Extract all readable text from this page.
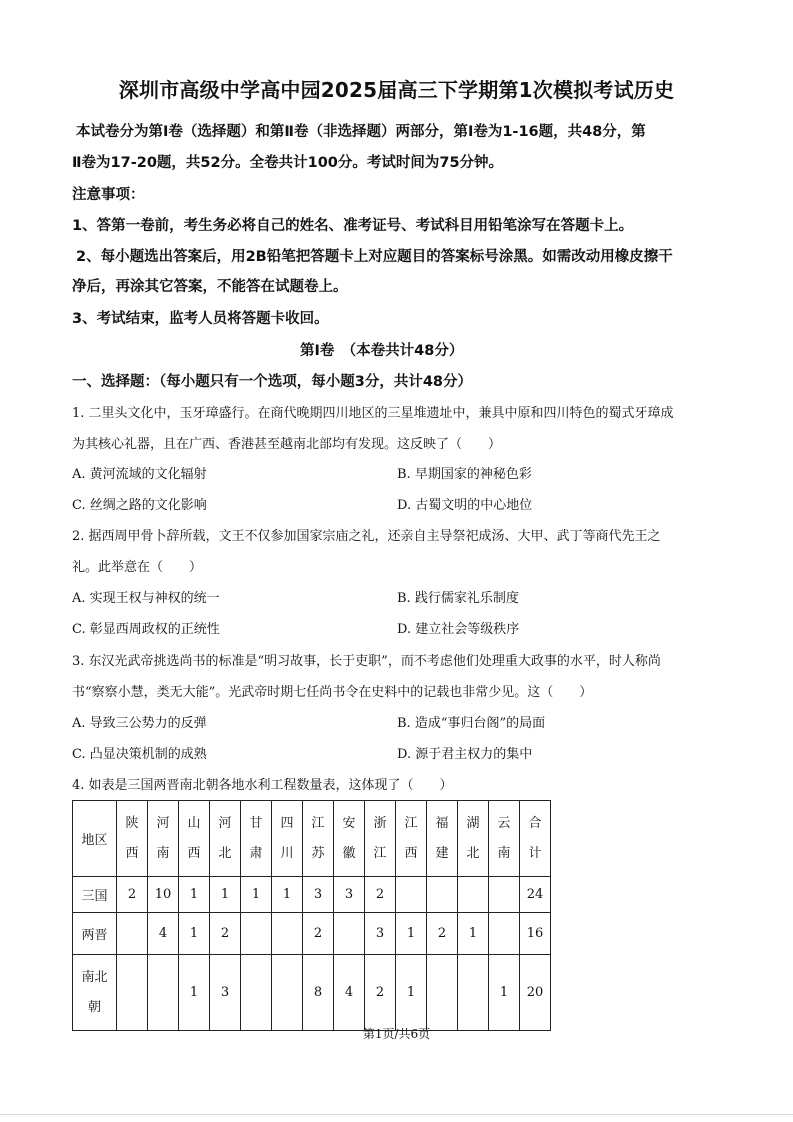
深圳市高级中学高中园2025届高三下学期第1次模拟考试历史
本试卷分为第Ⅰ卷（选择题）和第Ⅱ卷（非选择题）两部分，第Ⅰ卷为1-16题，共48分，第
Ⅱ卷为17-20题，共52分。全卷共计100分。考试时间为75分钟。
注意事项：
1、答第一卷前，考生务必将自己的姓名、准考证号、考试科目用铅笔涂写在答题卡上。
2、每小题选出答案后，用2B铅笔把答题卡上对应题目的答案标号涂黑。如需改动用橡皮擦干
净后，再涂其它答案，不能答在试题卷上。
3、考试结束，监考人员将答题卡收回。
第Ⅰ卷　（本卷共计48分）
一、选择题：（每小题只有一个选项，每小题3分，共计48分）
1. 二里头文化中，玉牙璋盛行。在商代晚期四川地区的三星堆遗址中，兼具中原和四川特色的蜀式牙璋成
为其核心礼器，且在广西、香港甚至越南北部均有发现。这反映了（　　）
A. 黄河流域的文化辐射	B. 早期国家的神秘色彩
C. 丝绸之路的文化影响	D. 古蜀文明的中心地位
2. 据西周甲骨卜辞所载，文王不仅参加国家宗庙之礼，还亲自主导祭祀成汤、大甲、武丁等商代先王之
礼。此举意在（　　）
A. 实现王权与神权的统一	B. 践行儒家礼乐制度
C. 彰显西周政权的正统性	D. 建立社会等级秩序
3. 东汉光武帝挑选尚书的标准是“明习故事，长于吏职”，而不考虑他们处理重大政事的水平，时人称尚
书“察察小慧，类无大能”。光武帝时期七任尚书令在史料中的记载也非常少见。这（　　）
A. 导致三公势力的反弹	B. 造成“事归台阁”的局面
C. 凸显决策机制的成熟	D. 源于君主权力的集中
4. 如表是三国两晋南北朝各地水利工程数量表，这体现了（　　）
地区	陕西	河南	山西	河北	甘肃	四川	江苏	安徽	浙江	江西	福建	湖北	云南	合计
三国	2	10	1	1	1	1	3	3	2					24
两晋		4	1	2			2		3	1	2	1		16
南北朝			1	3			8	4	2	1			1	20
第1页/共6页
